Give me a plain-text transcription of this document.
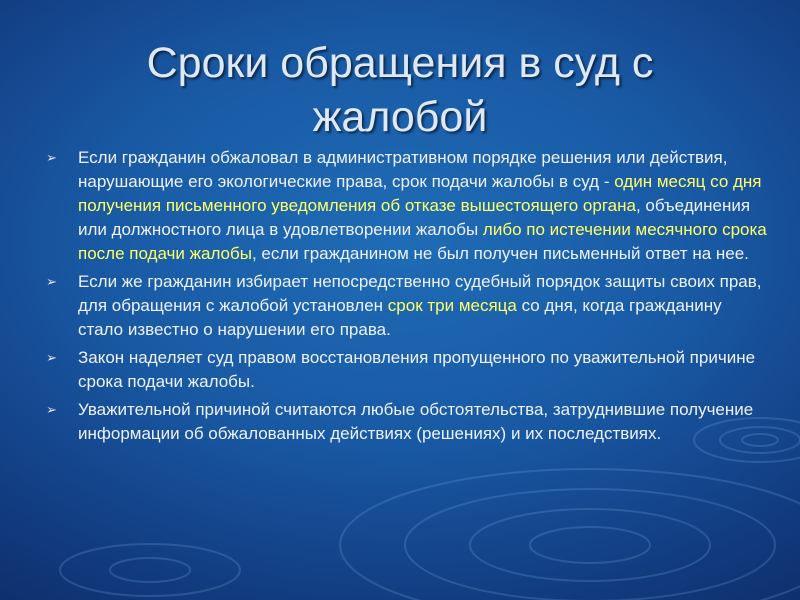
Сроки обращения в суд с
жалобой
➢ Если гражданин обжаловал в административном порядке решения или действия, нарушающие его экологические права, срок подачи жалобы в суд - один месяц со дня получения письменного уведомления об отказе вышестоящего органа, объединения или должностного лица в удовлетворении жалобы либо по истечении месячного срока после подачи жалобы, если гражданином не был получен письменный ответ на нее.
➢ Если же гражданин избирает непосредственно судебный порядок защиты своих прав, для обращения с жалобой установлен срок три месяца со дня, когда гражданину стало известно о нарушении его права.
➢ Закон наделяет суд правом восстановления пропущенного по уважительной причине срока подачи жалобы.
➢ Уважительной причиной считаются любые обстоятельства, затруднившие получение информации об обжалованных действиях (решениях) и их последствиях.
